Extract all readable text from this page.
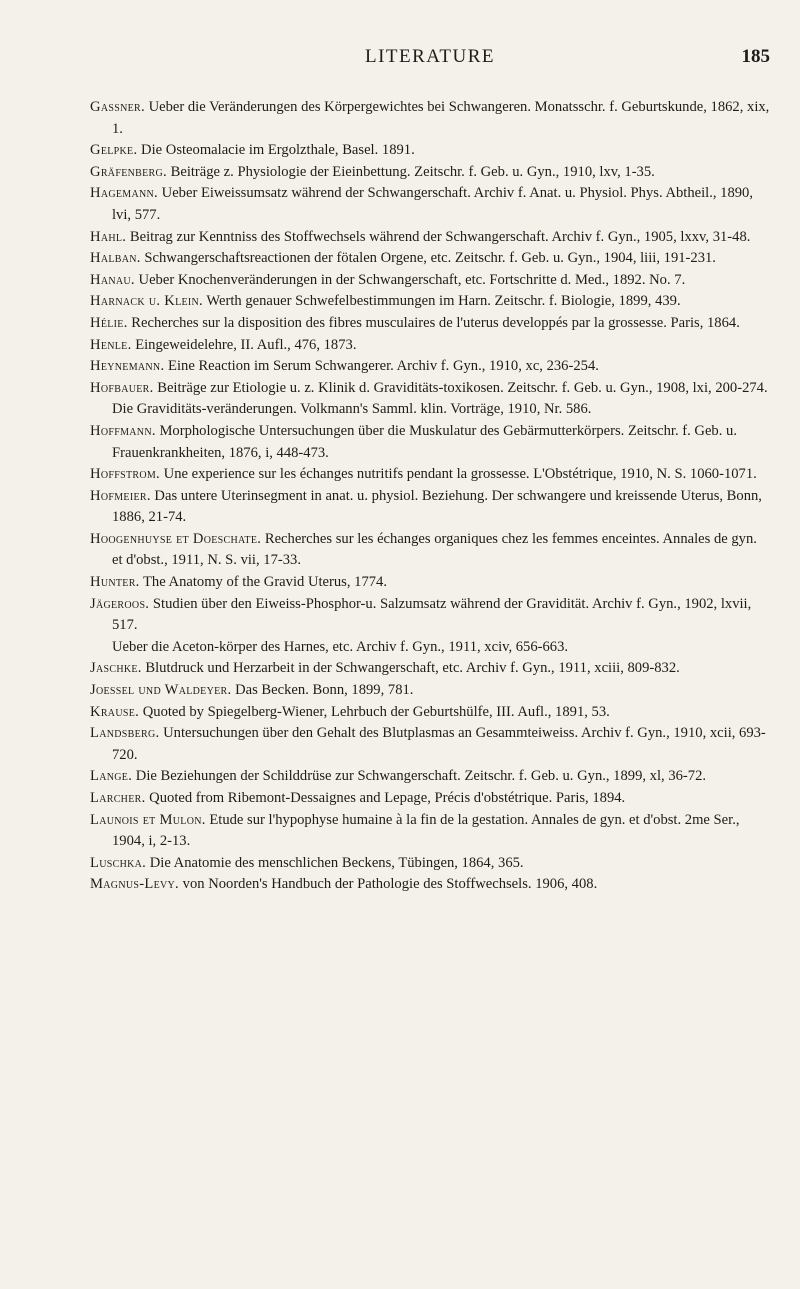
LITERATURE	185

Gassner. Ueber die Veränderungen des Körpergewichtes bei Schwangeren. Monatsschr. f. Geburtskunde, 1862, xix, 1.

Gelpke. Die Osteomalacie im Ergolzthale, Basel. 1891.

Gräfenberg. Beiträge z. Physiologie der Eieinbettung. Zeitschr. f. Geb. u. Gyn., 1910, lxv, 1-35.

Hagemann. Ueber Eiweissumsatz während der Schwangerschaft. Archiv f. Anat. u. Physiol. Phys. Abtheil., 1890, lvi, 577.

Hahl. Beitrag zur Kenntniss des Stoffwechsels während der Schwangerschaft. Archiv f. Gyn., 1905, lxxv, 31-48.

Halban. Schwangerschaftsreactionen der fötalen Orgene, etc. Zeitschr. f. Geb. u. Gyn., 1904, liii, 191-231.

Hanau. Ueber Knochenveränderungen in der Schwangerschaft, etc. Fortschritte d. Med., 1892. No. 7.

Harnack u. Klein. Werth genauer Schwefelbestimmungen im Harn. Zeitschr. f. Biologie, 1899, 439.

Hélie. Recherches sur la disposition des fibres musculaires de l'uterus developpés par la grossesse. Paris, 1864.

Henle. Eingeweidelehre, II. Aufl., 476, 1873.

Heynemann. Eine Reaction im Serum Schwangerer. Archiv f. Gyn., 1910, xc, 236-254.

Hofbauer. Beiträge zur Etiologie u. z. Klinik d. Graviditäts-toxikosen. Zeitschr. f. Geb. u. Gyn., 1908, lxi, 200-274.

Die Graviditäts-veränderungen. Volkmann's Samml. klin. Vorträge, 1910, Nr. 586.

Hoffmann. Morphologische Untersuchungen über die Muskulatur des Gebärmutterkörpers. Zeitschr. f. Geb. u. Frauenkrankheiten, 1876, i, 448-473.

Hoffstrom. Une experience sur les échanges nutritifs pendant la grossesse. L'Obstétrique, 1910, N. S. 1060-1071.

Hofmeier. Das untere Uterinsegment in anat. u. physiol. Beziehung. Der schwangere und kreissende Uterus, Bonn, 1886, 21-74.

Hoogenhuyse et Doeschate. Recherches sur les échanges organiques chez les femmes enceintes. Annales de gyn. et d'obst., 1911, N. S. vii, 17-33.

Hunter. The Anatomy of the Gravid Uterus, 1774.

Jägeroos. Studien über den Eiweiss-Phosphor-u. Salzumsatz während der Gravidität. Archiv f. Gyn., 1902, lxvii, 517.

Ueber die Aceton-körper des Harnes, etc. Archiv f. Gyn., 1911, xciv, 656-663.

Jaschke. Blutdruck und Herzarbeit in der Schwangerschaft, etc. Archiv f. Gyn., 1911, xciii, 809-832.

Joessel und Waldeyer. Das Becken. Bonn, 1899, 781.

Krause. Quoted by Spiegelberg-Wiener, Lehrbuch der Geburtshülfe, III. Aufl., 1891, 53.

Landsberg. Untersuchungen über den Gehalt des Blutplasmas an Gesammteiweiss. Archiv f. Gyn., 1910, xcii, 693-720.

Lange. Die Beziehungen der Schilddrüse zur Schwangerschaft. Zeitschr. f. Geb. u. Gyn., 1899, xl, 36-72.

Larcher. Quoted from Ribemont-Dessaignes and Lepage, Précis d'obstétrique. Paris, 1894.

Launois et Mulon. Etude sur l'hypophyse humaine à la fin de la gestation. Annales de gyn. et d'obst. 2me Ser., 1904, i, 2-13.

Luschka. Die Anatomie des menschlichen Beckens, Tübingen, 1864, 365.

Magnus-Levy. von Noorden's Handbuch der Pathologie des Stoffwechsels. 1906, 408.
